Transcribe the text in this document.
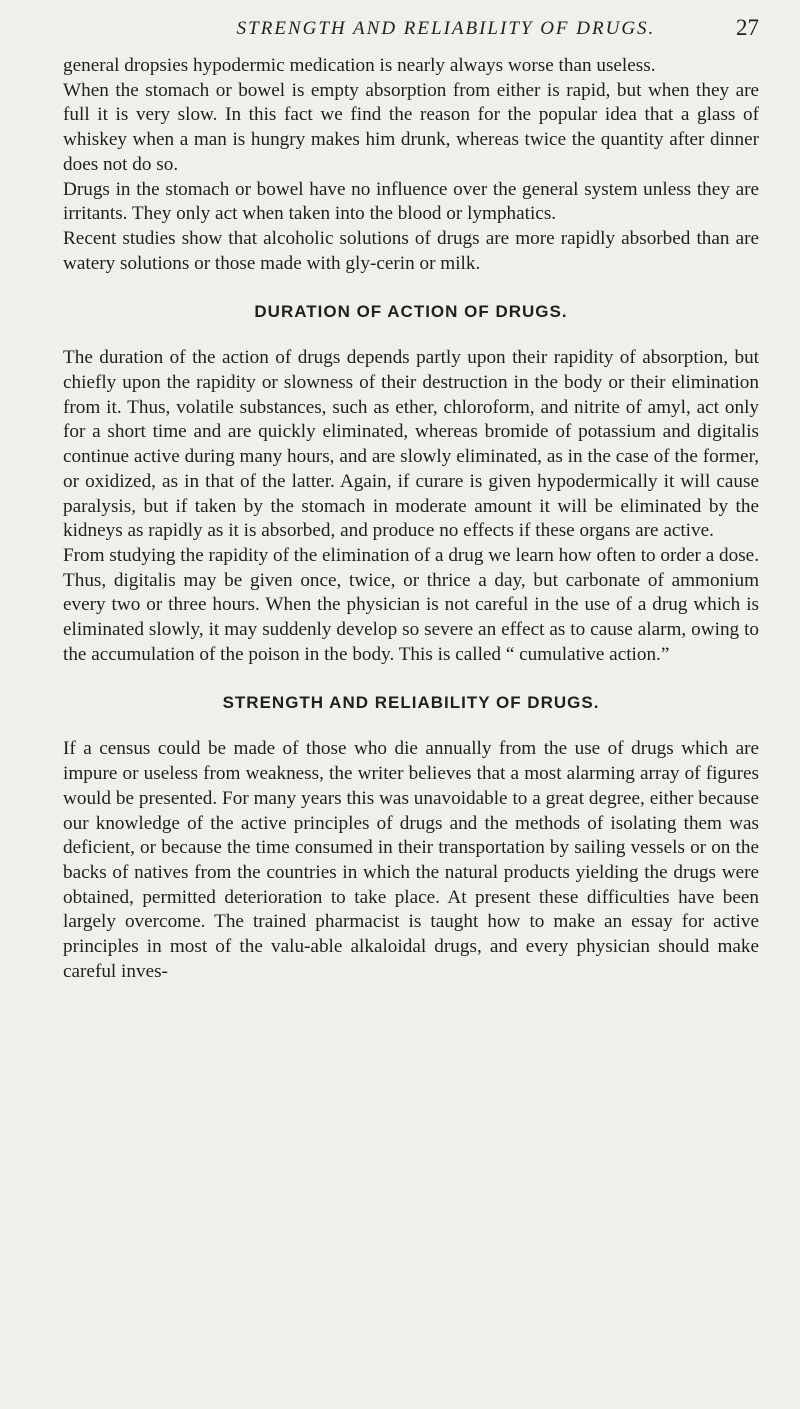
STRENGTH AND RELIABILITY OF DRUGS.	27

general dropsies hypodermic medication is nearly always worse than useless.

When the stomach or bowel is empty absorption from either is rapid, but when they are full it is very slow. In this fact we find the reason for the popular idea that a glass of whiskey when a man is hungry makes him drunk, whereas twice the quantity after dinner does not do so.

Drugs in the stomach or bowel have no influence over the general system unless they are irritants. They only act when taken into the blood or lymphatics.

Recent studies show that alcoholic solutions of drugs are more rapidly absorbed than are watery solutions or those made with gly-cerin or milk.

DURATION OF ACTION OF DRUGS.

The duration of the action of drugs depends partly upon their rapidity of absorption, but chiefly upon the rapidity or slowness of their destruction in the body or their elimination from it. Thus, volatile substances, such as ether, chloroform, and nitrite of amyl, act only for a short time and are quickly eliminated, whereas bromide of potassium and digitalis continue active during many hours, and are slowly eliminated, as in the case of the former, or oxidized, as in that of the latter. Again, if curare is given hypodermically it will cause paralysis, but if taken by the stomach in moderate amount it will be eliminated by the kidneys as rapidly as it is absorbed, and produce no effects if these organs are active.

From studying the rapidity of the elimination of a drug we learn how often to order a dose. Thus, digitalis may be given once, twice, or thrice a day, but carbonate of ammonium every two or three hours. When the physician is not careful in the use of a drug which is eliminated slowly, it may suddenly develop so severe an effect as to cause alarm, owing to the accumulation of the poison in the body. This is called “ cumulative action.”

STRENGTH AND RELIABILITY OF DRUGS.

If a census could be made of those who die annually from the use of drugs which are impure or useless from weakness, the writer believes that a most alarming array of figures would be presented. For many years this was unavoidable to a great degree, either because our knowledge of the active principles of drugs and the methods of isolating them was deficient, or because the time consumed in their transportation by sailing vessels or on the backs of natives from the countries in which the natural products yielding the drugs were obtained, permitted deterioration to take place. At present these difficulties have been largely overcome. The trained pharmacist is taught how to make an essay for active principles in most of the valu-able alkaloidal drugs, and every physician should make careful inves-
